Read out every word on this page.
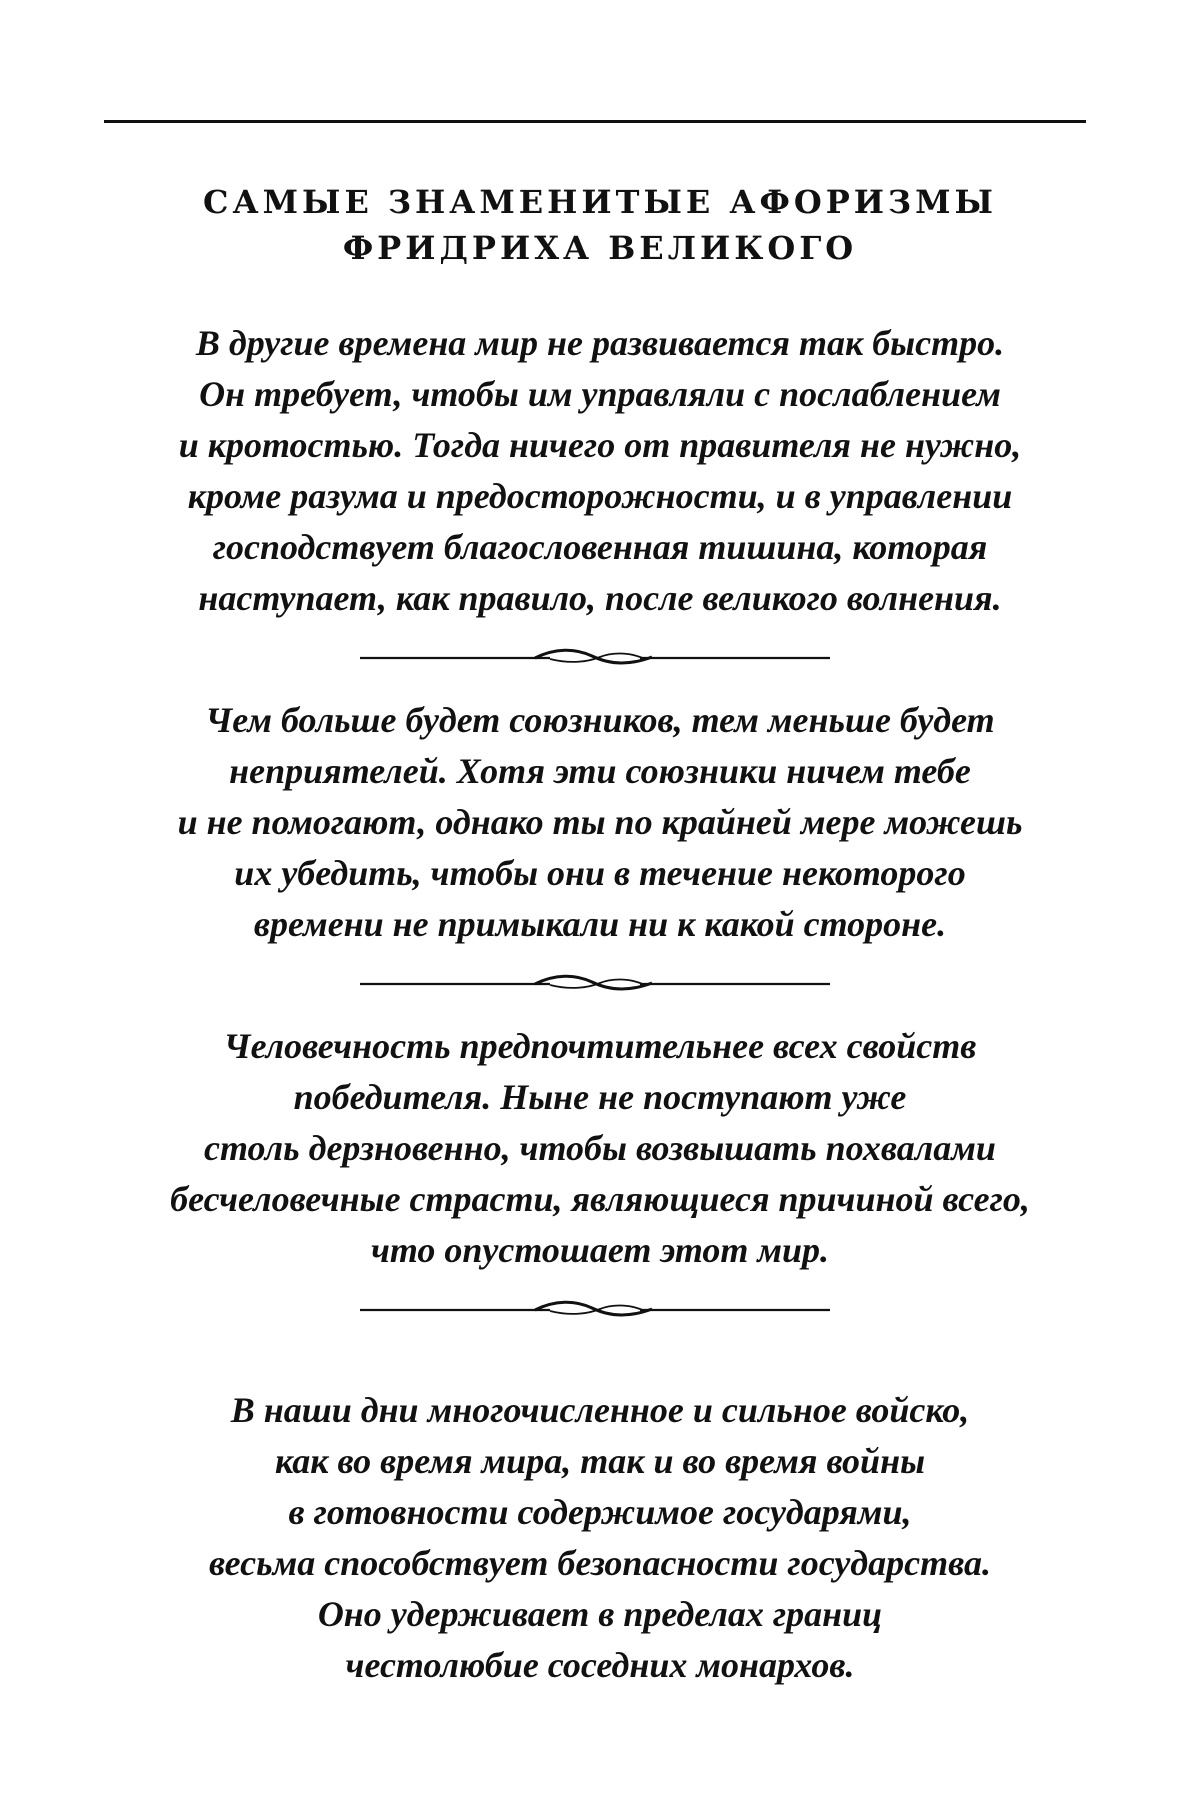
САМЫЕ ЗНАМЕНИТЫЕ АФОРИЗМЫ
ФРИДРИХА ВЕЛИКОГО
В другие времена мир не развивается так быстро.
Он требует, чтобы им управляли с послаблением
и кротостью. Тогда ничего от правителя не нужно,
кроме разума и предосторожности, и в управлении
господствует благословенная тишина, которая
наступает, как правило, после великого волнения.
Чем больше будет союзников, тем меньше будет
неприятелей. Хотя эти союзники ничем тебе
и не помогают, однако ты по крайней мере можешь
их убедить, чтобы они в течение некоторого
времени не примыкали ни к какой стороне.
Человечность предпочтительнее всех свойств
победителя. Ныне не поступают уже
столь дерзновенно, чтобы возвышать похвалами
бесчеловечные страсти, являющиеся причиной всего,
что опустошает этот мир.
В наши дни многочисленное и сильное войско,
как во время мира, так и во время войны
в готовности содержимое государями,
весьма способствует безопасности государства.
Оно удерживает в пределах границ
честолюбие соседних монархов.
